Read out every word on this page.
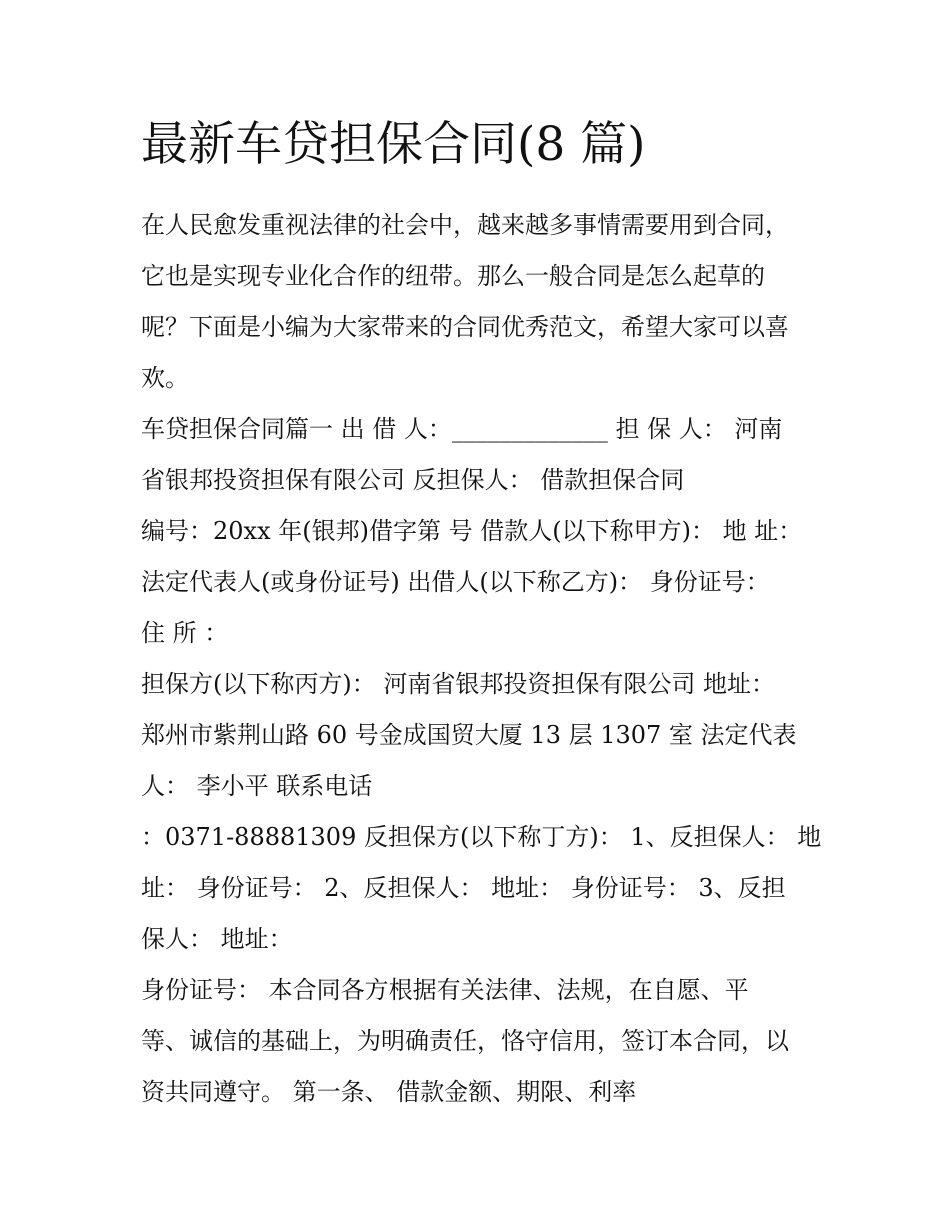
最新车贷担保合同(8 篇)
在人民愈发重视法律的社会中，越来越多事情需要用到合同，
它也是实现专业化合作的纽带。那么一般合同是怎么起草的
呢？下面是小编为大家带来的合同优秀范文，希望大家可以喜
欢。
车贷担保合同篇一 出 借 人：_____________ 担 保 人： 河南
省银邦投资担保有限公司 反担保人： 借款担保合同
编号：20xx 年(银邦)借字第 号 借款人(以下称甲方)： 地 址：
法定代表人(或身份证号) 出借人(以下称乙方)： 身份证号：
住 所 ：
担保方(以下称丙方)： 河南省银邦投资担保有限公司 地址：
郑州市紫荆山路 60 号金成国贸大厦 13 层 1307 室 法定代表
人： 李小平 联系电话
：0371-88881309 反担保方(以下称丁方)： 1、反担保人： 地
址： 身份证号： 2、反担保人： 地址： 身份证号： 3、反担
保人： 地址：
身份证号： 本合同各方根据有关法律、法规，在自愿、平
等、诚信的基础上，为明确责任，恪守信用，签订本合同，以
资共同遵守。 第一条、 借款金额、期限、利率
